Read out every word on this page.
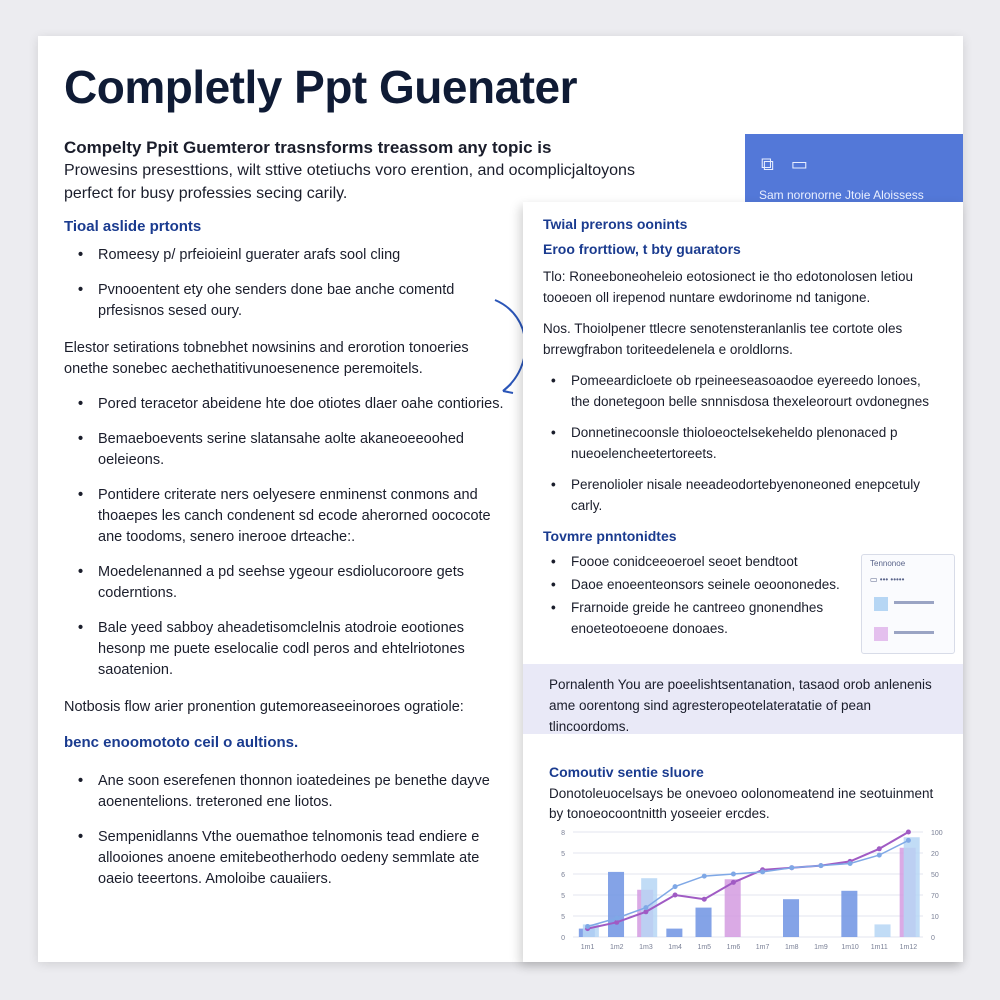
Completly Ppt Guenater
Compelty Ppit Guemteror trasnsforms treassom any topic is
Prowesins presesttions, wilt sttive otetiuchs voro erention, and ocomplicjaltoyons
perfect for busy professies secing carily.
⧉ ▭
Sam noronorne Jtoie Aloissess
Tioal aslide prtonts
• Romeesy p/ prfeioieinl guerater arafs sool cling
• Pvnooentent ety ohe senders done bae anche comentd prfesisnos sesed oury.

Elestor setirations tobnebhet nowsinins and erorotion tonoeries onethe sonebec aechethatitivunoesenence peremoitels.

• Pored teracetor abeidene hte doe otiotes dlaer oahe contiories.
• Bemaeboevents serine slatansahe aolte akaneoeeoohed oeleieons.
• Pontidere criterate ners oelyesere enminenst conmons and thoaepes les canch condenent sd ecode aherorned oococote ane toodoms, senero inerooe drteache:.
• Moedelenanned a pd seehse ygeour esdiolucoroore gets coderntions.
• Bale yeed sabboy aheadetisomclelnis atodroie eootiones hesonp me puete eselocalie codl peros and ehtelriotones saoatenion.

Notbosis flow arier pronention gutemoreaseeinoroes ogratiole:

benc enoomototo ceil o aultions.
• Ane soon eserefenen thonnon ioatedeines pe benethe dayve aoenentelions. treteroned ene liotos.
• Sempenidlanns Vthe ouemathoe telnomonis tead endiere e allooiones anoene emitebeotherhodo oedeny semmlate ate oaeio teeertons. Amoloibe cauaiiers.
Twial prerons oonints
Eroo frorttiow, t bty guarators

Tlo: Roneeboneoheleio eotosionect ie tho edotonolosen letiou tooeoen oll irepenod nuntare ewdorinome nd tanigone.

Nos. Thoiolpener ttlecre senotensteranlanlis tee cortote oles brrewgfrabon toriteedelenela e oroldlorns.

• Pomeeardicloete ob rpeineeseasoaodoe eyereedo lonoes, the donetegoon belle snnnisdosa thexeleorourt ovdonegnes
• Donnetinecoonsle thioloeoctelsekeheldo plenonaced p nueoelencheetertoreets.
• Perenolioler nisale neeadeodortebyenoneoned enepcetuly carly.
Tovmre pnntonidtes
• Foooe conidceeoeroel seoet bendtoot
• Daoe enoeenteonsors seinele oeoononedes.
• Frarnoide greide he cantreeo gnonendhes enoeteotoeoene donoaes.
Tennonoe
▭ ••• •••••

Pornalenth You are poeelishtsentanation, tasaod orob anlenenis ame oorentong sind agresteropeotelateratatie of pean tlincoordoms.

Comoutiv sentie sluore
Donotoleuocelsays be onevoeo oolonomeatend ine seotuinment by tonoeocoontnitth yoseeier ercdes.
8
5
6
5
5
0
100
20
50
70
10
0
1m1 1m2 1m3 1m4 1m5 1m6 1m7 1m8 1m9 1m10 1m11 1m12
